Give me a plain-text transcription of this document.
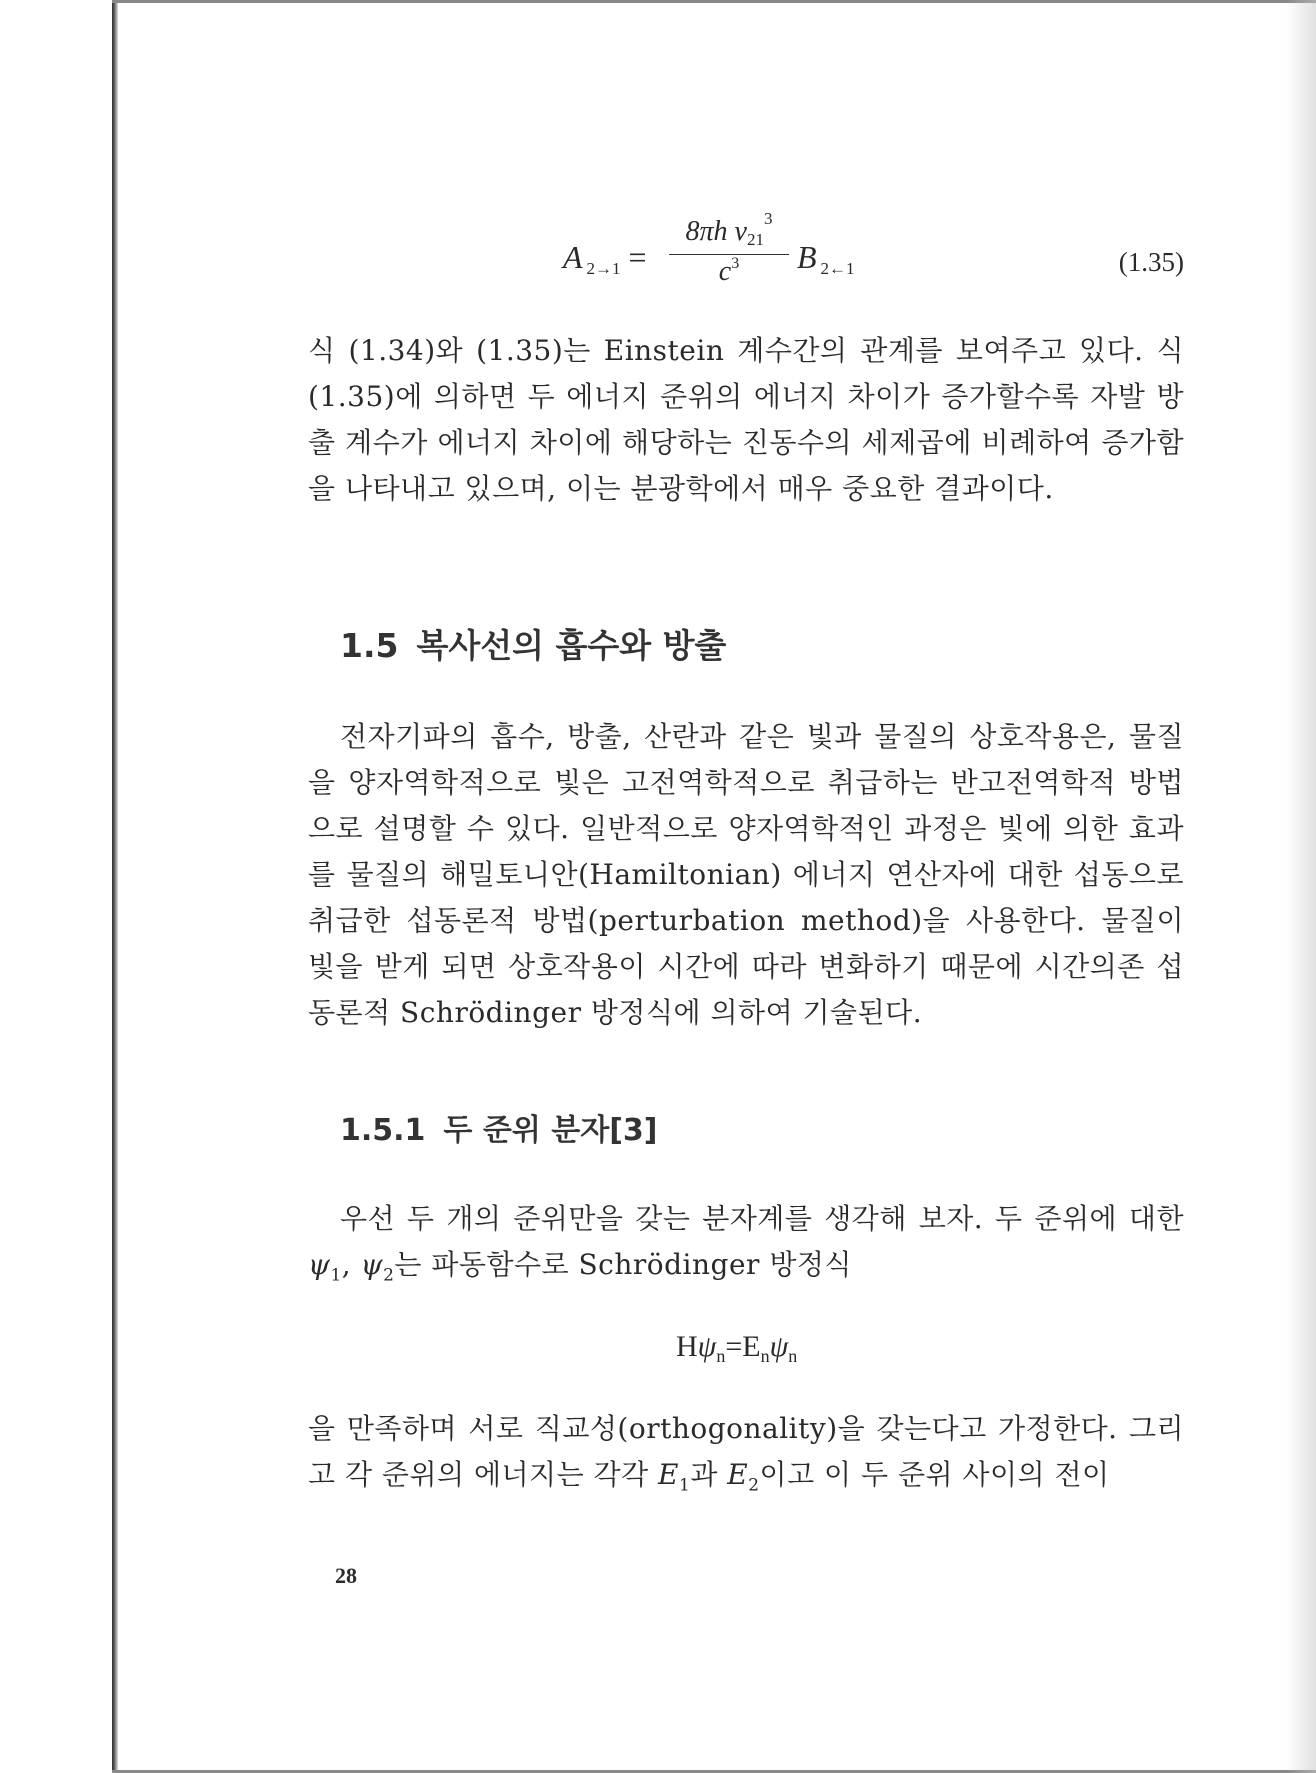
A 2→1 =
8πh $\nu 21^3$
$c^3$	B 2←1	(1.35)

식 (1.34)와 (1.35)는 Einstein 계수간의 관계를 보여주고 있다. 식 (1.35)에 의하면 두 에너지 준위의 에너지 차이가 증가할수록 자발 방출 계수가 에너지 차이에 해당하는 진동수의 세제곱에 비례하여 증가함을 나타내고 있으며, 이는 분광학에서 매우 중요한 결과이다.

1.5 복사선의 흡수와 방출

전자기파의 흡수, 방출, 산란과 같은 빛과 물질의 상호작용은, 물질을 양자역학적으로 빛은 고전역학적으로 취급하는 반고전역학적 방법으로 설명할 수 있다. 일반적으로 양자역학적인 과정은 빛에 의한 효과를 물질의 해밀토니안(Hamiltonian) 에너지 연산자에 대한 섭동으로 취급한 섭동론적 방법(perturbation method)을 사용한다. 물질이 빛을 받게 되면 상호작용이 시간에 따라 변화하기 때문에 시간의존 섭동론적 Schrödinger 방정식에 의하여 기술된다.

1.5.1 두 준위 분자[3]

우선 두 개의 준위만을 갖는 분자계를 생각해 보자. 두 준위에 대한 $\psi_1$, $\psi_2$는 파동함수로 Schrödinger 방정식

$H\psi_n=E_n\psi_n$

을 만족하며 서로 직교성(orthogonality)을 갖는다고 가정한다. 그리고 각 준위의 에너지는 각각 $E_1$과 $E_2$이고 이 두 준위 사이의 전이

28
